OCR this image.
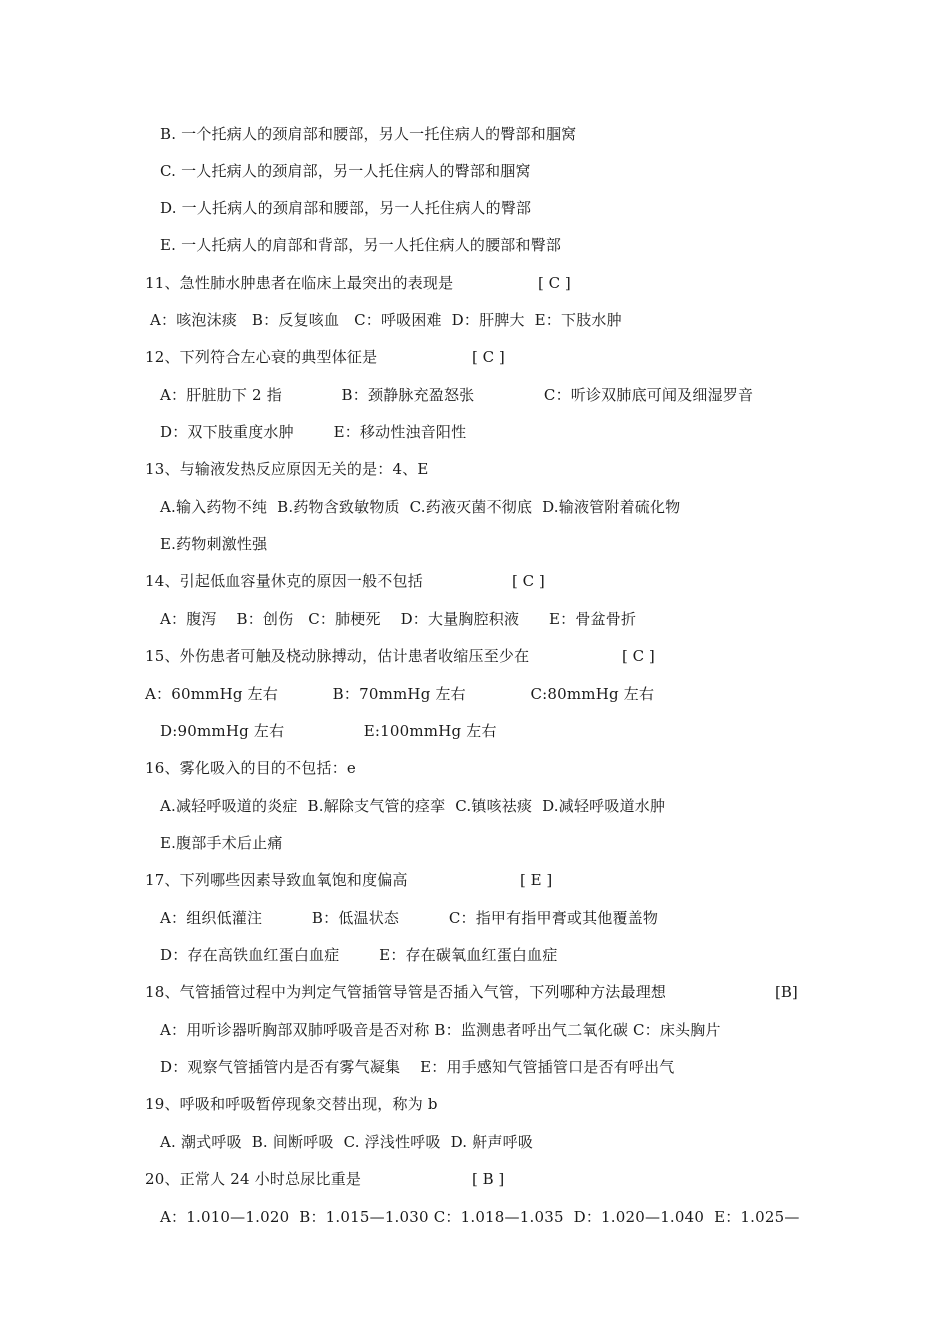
B. 一个托病人的颈肩部和腰部，另人一托住病人的臀部和腘窝
C. 一人托病人的颈肩部，另一人托住病人的臀部和腘窝
D. 一人托病人的颈肩部和腰部，另一人托住病人的臀部
E. 一人托病人的肩部和背部，另一人托住病人的腰部和臀部
11、急性肺水肿患者在临床上最突出的表现是	[ C ]
A：咳泡沫痰   B：反复咳血   C：呼吸困难  D：肝脾大  E：下肢水肿
12、下列符合左心衰的典型体征是	[ C ]
A：肝脏肋下 2 指            B：颈静脉充盈怒张              C：听诊双肺底可闻及细湿罗音
D：双下肢重度水肿        E：移动性浊音阳性
13、与输液发热反应原因无关的是：4、E
A.输入药物不纯  B.药物含致敏物质  C.药液灭菌不彻底  D.输液管附着硫化物
E.药物刺激性强
14、引起低血容量休克的原因一般不包括	[ C ]
A：腹泻    B：创伤   C：肺梗死    D：大量胸腔积液      E：骨盆骨折
15、外伤患者可触及桡动脉搏动，估计患者收缩压至少在	[ C ]
A：60mmHg 左右           B：70mmHg 左右             C:80mmHg 左右
D:90mmHg 左右                E:100mmHg 左右
16、雾化吸入的目的不包括：e
A.减轻呼吸道的炎症  B.解除支气管的痉挛  C.镇咳祛痰  D.减轻呼吸道水肿
E.腹部手术后止痛
17、下列哪些因素导致血氧饱和度偏高	[ E ]
A：组织低灌注          B：低温状态          C：指甲有指甲膏或其他覆盖物
D：存在高铁血红蛋白血症        E：存在碳氧血红蛋白血症
18、气管插管过程中为判定气管插管导管是否插入气管，下列哪种方法最理想	[B]
A：用听诊器听胸部双肺呼吸音是否对称 B：监测患者呼出气二氧化碳 C：床头胸片
D：观察气管插管内是否有雾气凝集    E：用手感知气管插管口是否有呼出气
19、呼吸和呼吸暂停现象交替出现，称为 b
A. 潮式呼吸  B. 间断呼吸  C. 浮浅性呼吸  D. 鼾声呼吸
20、正常人 24 小时总尿比重是	[ B ]
A：1.010—1.020  B：1.015—1.030 C：1.018—1.035  D：1.020—1.040  E：1.025—
